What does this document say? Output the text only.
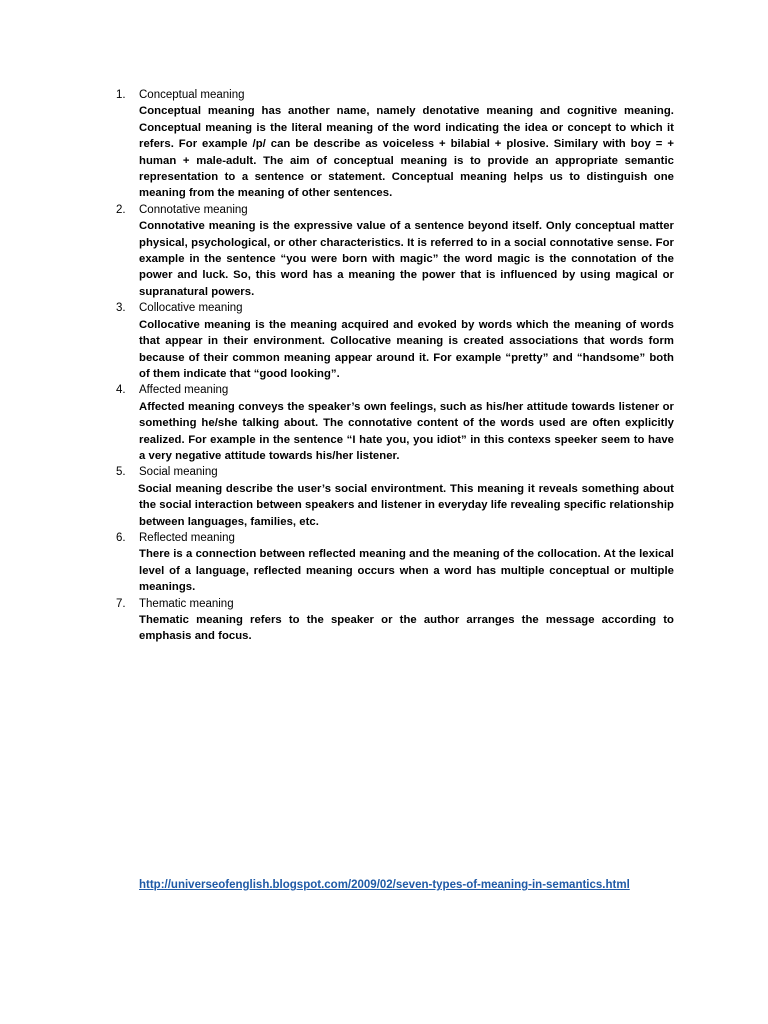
1. Conceptual meaning
Conceptual meaning has another name, namely denotative meaning and cognitive meaning. Conceptual meaning is the literal meaning of the word indicating the idea or concept to which it refers. For example /p/ can be describe as voiceless + bilabial + plosive. Similary with boy = + human + male-adult. The aim of conceptual meaning is to provide an appropriate semantic representation to a sentence or statement. Conceptual meaning helps us to distinguish one meaning from the meaning of other sentences.
2. Connotative meaning
Connotative meaning is the expressive value of a sentence beyond itself. Only conceptual matter physical, psychological, or other characteristics. It is referred to in a social connotative sense. For example in the sentence “you were born with magic” the word magic is the connotation of the power and luck. So, this word has a meaning the power that is influenced by using magical or supranatural powers.
3. Collocative meaning
Collocative meaning is the meaning acquired and evoked by words which the meaning of words that appear in their environment. Collocative meaning is created associations that words form because of their common meaning appear around it. For example “pretty” and “handsome” both of them indicate that “good looking”.
4. Affected meaning
Affected meaning conveys the speaker’s own feelings, such as his/her attitude towards listener or something he/she talking about. The connotative content of the words used are often explicitly realized. For example in the sentence “I hate you, you idiot” in this contexs speeker seem to have a very negative attitude towards his/her listener.
5. Social meaning
Social meaning describe the user’s social environtment. This meaning it reveals something about the social interaction between speakers and listener in everyday life revealing specific relationship between languages, families, etc.
6. Reflected meaning
There is a connection between reflected meaning and the meaning of the collocation. At the lexical level of a language, reflected meaning occurs when a word has multiple conceptual or multiple meanings.
7. Thematic meaning
Thematic meaning refers to the speaker or the author arranges the message according to emphasis and focus.
http://universeofenglish.blogspot.com/2009/02/seven-types-of-meaning-in-semantics.html
